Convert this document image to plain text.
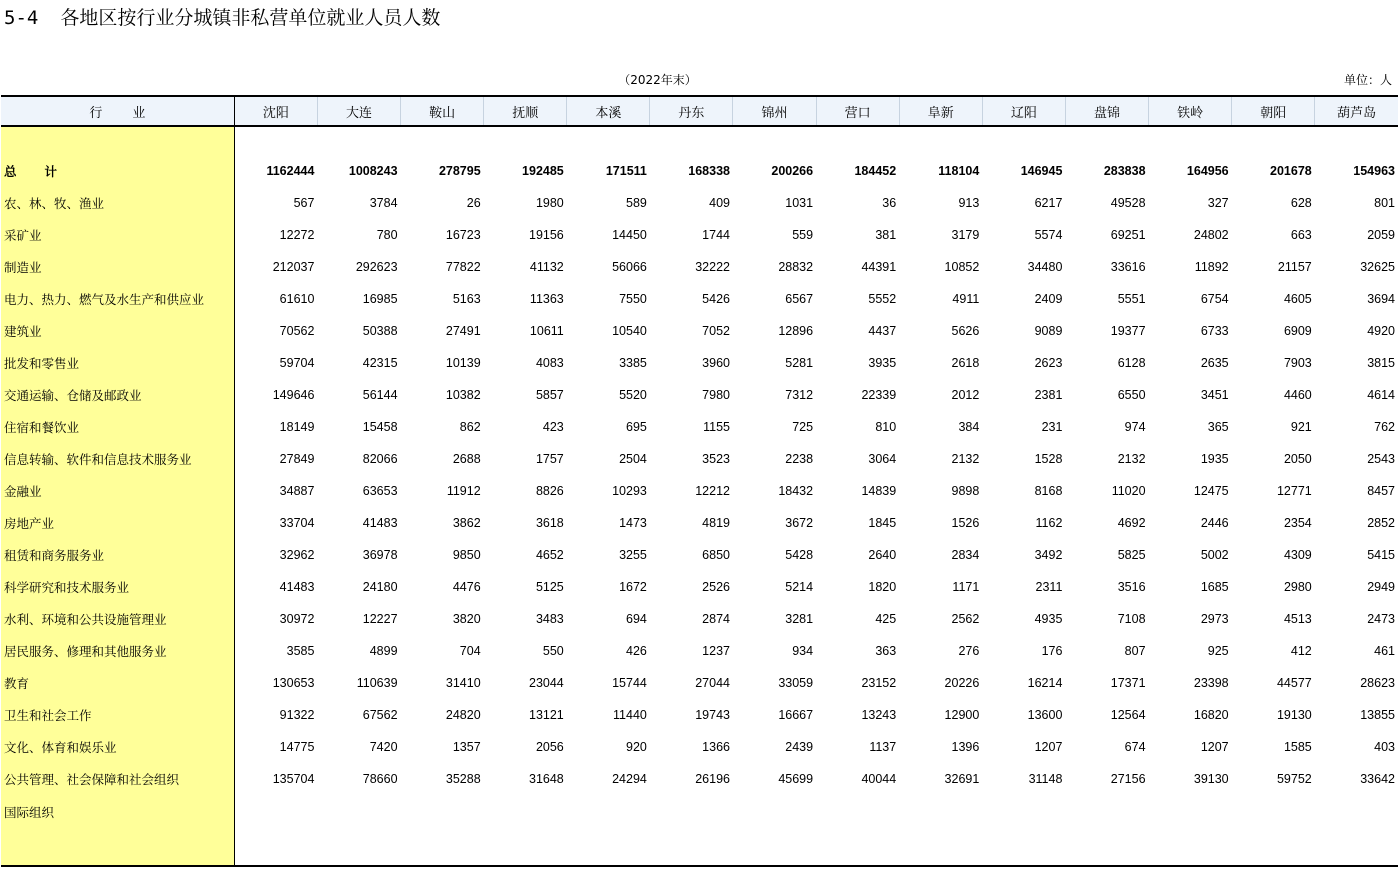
5-4 各地区按行业分城镇非私营单位就业人员人数
（2022年末）	单位：人
行业	沈阳	大连	鞍山	抚顺	本溪	丹东	锦州	营口	阜新	辽阳	盘锦	铁岭	朝阳	葫芦岛

总 计	1162444	1008243	278795	192485	171511	168338	200266	184452	118104	146945	283838	164956	201678	154963
农、林、牧、渔业	567	3784	26	1980	589	409	1031	36	913	6217	49528	327	628	801
采矿业	12272	780	16723	19156	14450	1744	559	381	3179	5574	69251	24802	663	2059
制造业	212037	292623	77822	41132	56066	32222	28832	44391	10852	34480	33616	11892	21157	32625
电力、热力、燃气及水生产和供应业	61610	16985	5163	11363	7550	5426	6567	5552	4911	2409	5551	6754	4605	3694
建筑业	70562	50388	27491	10611	10540	7052	12896	4437	5626	9089	19377	6733	6909	4920
批发和零售业	59704	42315	10139	4083	3385	3960	5281	3935	2618	2623	6128	2635	7903	3815
交通运输、仓储及邮政业	149646	56144	10382	5857	5520	7980	7312	22339	2012	2381	6550	3451	4460	4614
住宿和餐饮业	18149	15458	862	423	695	1155	725	810	384	231	974	365	921	762
信息转输、软件和信息技术服务业	27849	82066	2688	1757	2504	3523	2238	3064	2132	1528	2132	1935	2050	2543
金融业	34887	63653	11912	8826	10293	12212	18432	14839	9898	8168	11020	12475	12771	8457
房地产业	33704	41483	3862	3618	1473	4819	3672	1845	1526	1162	4692	2446	2354	2852
租赁和商务服务业	32962	36978	9850	4652	3255	6850	5428	2640	2834	3492	5825	5002	4309	5415
科学研究和技术服务业	41483	24180	4476	5125	1672	2526	5214	1820	1171	2311	3516	1685	2980	2949
水利、环境和公共设施管理业	30972	12227	3820	3483	694	2874	3281	425	2562	4935	7108	2973	4513	2473
居民服务、修理和其他服务业	3585	4899	704	550	426	1237	934	363	276	176	807	925	412	461
教育	130653	110639	31410	23044	15744	27044	33059	23152	20226	16214	17371	23398	44577	28623
卫生和社会工作	91322	67562	24820	13121	11440	19743	16667	13243	12900	13600	12564	16820	19130	13855
文化、体育和娱乐业	14775	7420	1357	2056	920	1366	2439	1137	1396	1207	674	1207	1585	403
公共管理、社会保障和社会组织	135704	78660	35288	31648	24294	26196	45699	40044	32691	31148	27156	39130	59752	33642
国际组织														
